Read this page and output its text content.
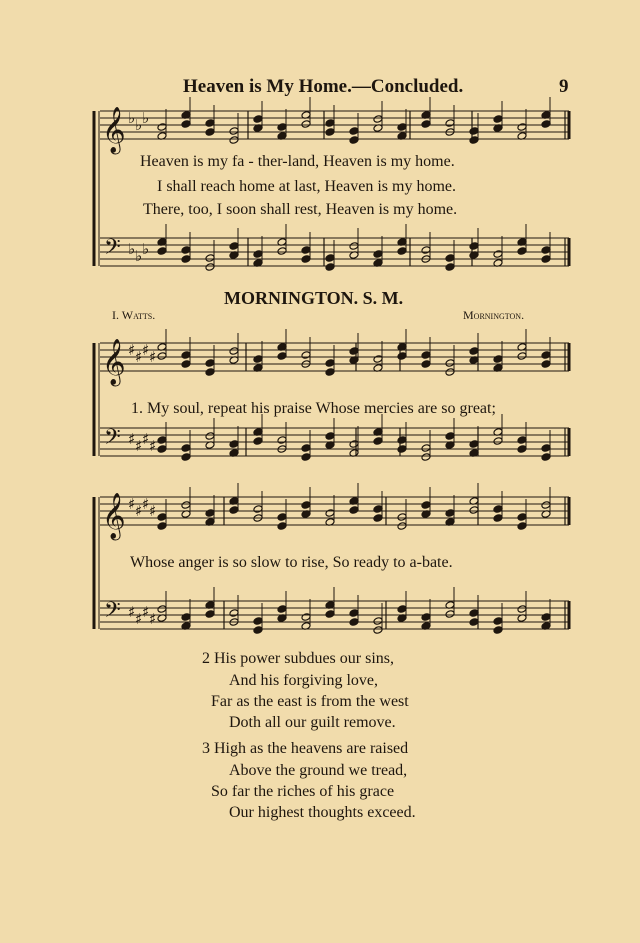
Heaven is My Home.—Concluded.	9
𝄞
𝄢
♭ ♭ ♭
♭ ♭ ♭
𝄞
𝄢
♯ ♯ ♯ ♯
♯ ♯ ♯ ♯
𝄞
𝄢
♯ ♯ ♯ ♯
♯ ♯ ♯ ♯
Heaven is my fa - ther-land, Heaven is my home.
I shall reach home at last, Heaven is my home.
There, too, I soon shall rest, Heaven is my home.
MORNINGTON. S. M.
I. Watts.	Mornington.
1. My soul, repeat his praise Whose mercies are so great;
Whose anger is so slow to rise, So ready to a-bate.
2 His power subdues our sins,
And his forgiving love,
Far as the east is from the west
Doth all our guilt remove.
3 High as the heavens are raised
Above the ground we tread,
So far the riches of his grace
Our highest thoughts exceed.
